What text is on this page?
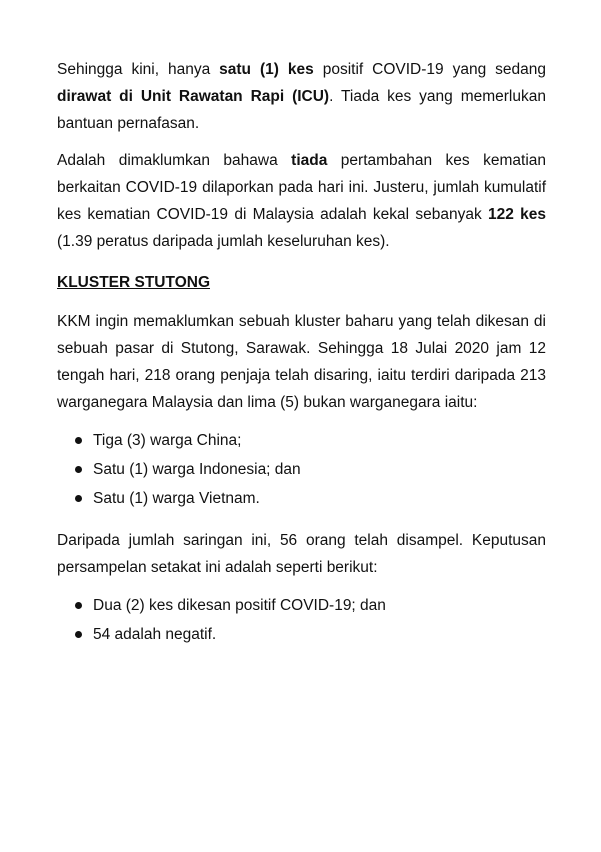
Sehingga kini, hanya satu (1) kes positif COVID-19 yang sedang dirawat di Unit Rawatan Rapi (ICU). Tiada kes yang memerlukan bantuan pernafasan.

Adalah dimaklumkan bahawa tiada pertambahan kes kematian berkaitan COVID-19 dilaporkan pada hari ini. Justeru, jumlah kumulatif kes kematian COVID-19 di Malaysia adalah kekal sebanyak 122 kes (1.39 peratus daripada jumlah keseluruhan kes).

KLUSTER STUTONG

KKM ingin memaklumkan sebuah kluster baharu yang telah dikesan di sebuah pasar di Stutong, Sarawak. Sehingga 18 Julai 2020 jam 12 tengah hari, 218 orang penjaja telah disaring, iaitu terdiri daripada 213 warganegara Malaysia dan lima (5) bukan warganegara iaitu:

Tiga (3) warga China;
Satu (1) warga Indonesia; dan
Satu (1) warga Vietnam.

Daripada jumlah saringan ini, 56 orang telah disampel. Keputusan persampelan setakat ini adalah seperti berikut:

Dua (2) kes dikesan positif COVID-19; dan
54 adalah negatif.
